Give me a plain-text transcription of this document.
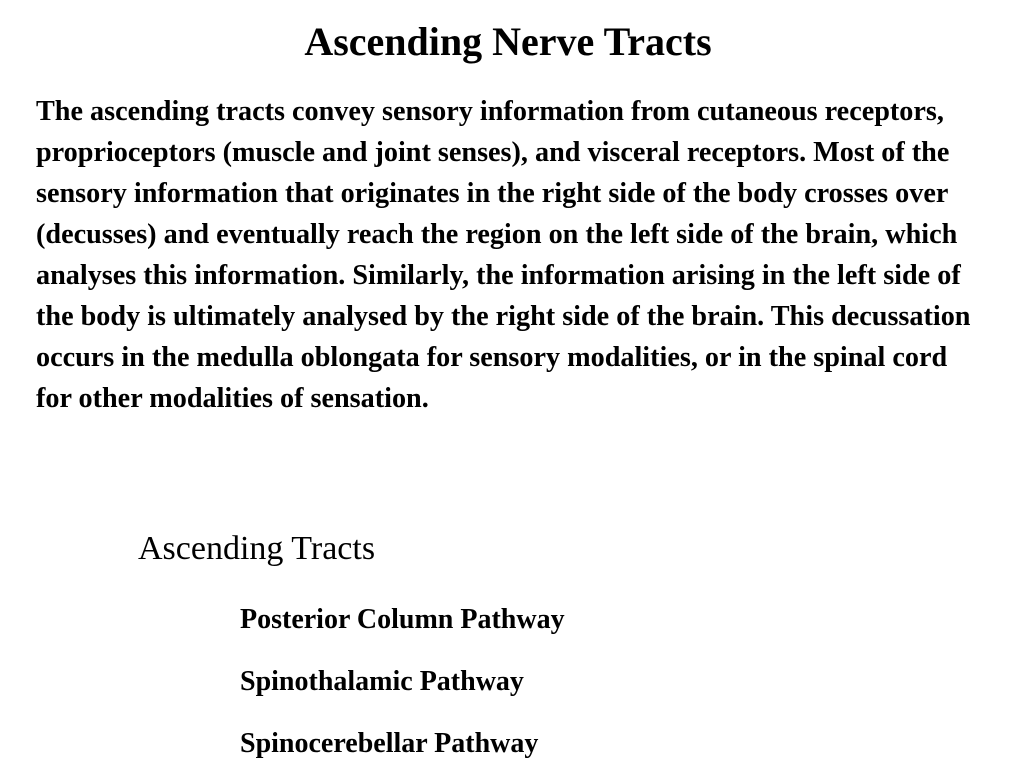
Ascending Nerve Tracts

The ascending tracts convey sensory information from cutaneous receptors, proprioceptors (muscle and joint senses), and visceral receptors. Most of the sensory information that originates in the right side of the body crosses over (decusses) and eventually reach the region on the left side of the brain, which analyses this information. Similarly, the information arising in the left side of the body is ultimately analysed by the right side of the brain. This decussation occurs in the medulla oblongata for sensory modalities, or in the spinal cord for other modalities of sensation.

Ascending Tracts
Posterior Column Pathway
Spinothalamic Pathway
Spinocerebellar Pathway
